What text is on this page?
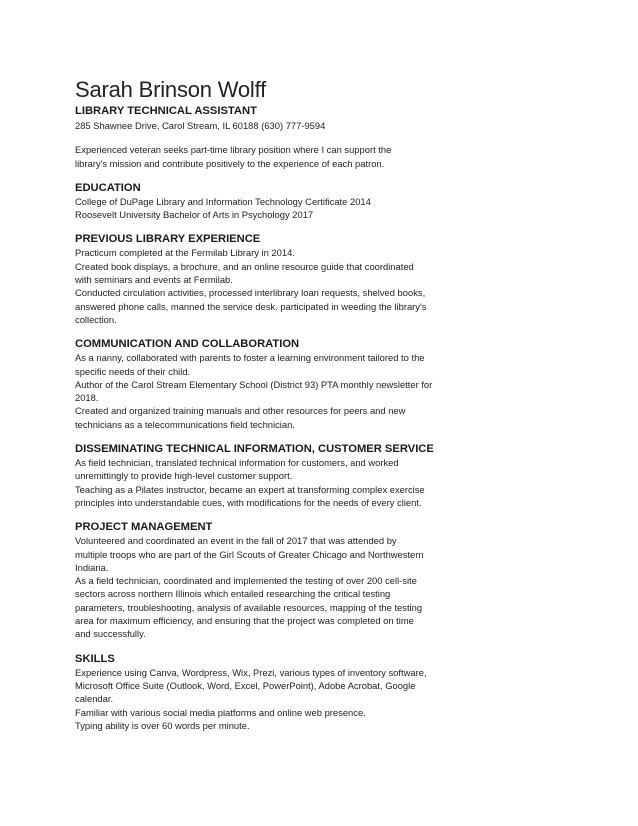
Sarah Brinson Wolff
LIBRARY TECHNICAL ASSISTANT
285 Shawnee Drive, Carol Stream, IL 60188 (630) 777-9594
Experienced veteran seeks part-time library position where I can support the
library's mission and contribute positively to the experience of each patron.
EDUCATION
College of DuPage Library and Information Technology Certificate 2014
Roosevelt University Bachelor of Arts in Psychology 2017
PREVIOUS LIBRARY EXPERIENCE
Practicum completed at the Fermilab Library in 2014.
Created book displays, a brochure, and an online resource guide that coordinated
with seminars and events at Fermilab.
Conducted circulation activities, processed interlibrary loan requests, shelved books,
answered phone calls, manned the service desk. participated in weeding the library's
collection.
COMMUNICATION AND COLLABORATION
As a nanny, collaborated with parents to foster a learning environment tailored to the
specific needs of their child.
Author of the Carol Stream Elementary School (District 93) PTA monthly newsletter for
2018.
Created and organized training manuals and other resources for peers and new
technicians as a telecommunications field technician.
DISSEMINATING TECHNICAL INFORMATION, CUSTOMER SERVICE
As field technician, translated technical information for customers, and worked
unremittingly to provide high-level customer support.
Teaching as a Pilates instructor, became an expert at transforming complex exercise
principles into understandable cues, with modifications for the needs of every client.
PROJECT MANAGEMENT
Volunteered and coordinated an event in the fall of 2017 that was attended by
multiple troops who are part of the Girl Scouts of Greater Chicago and Northwestern
Indiana.
As a field technician, coordinated and implemented the testing of over 200 cell-site
sectors across northern Illinois which entailed researching the critical testing
parameters, troubleshooting, analysis of available resources, mapping of the testing
area for maximum efficiency, and ensuring that the project was completed on time
and successfully.
SKILLS
Experience using Canva, Wordpress, Wix, Prezi, various types of inventory software,
Microsoft Office Suite (Outlook, Word, Excel, PowerPoint), Adobe Acrobat, Google
calendar.
Familiar with various social media platforms and online web presence.
Typing ability is over 60 words per minute.
